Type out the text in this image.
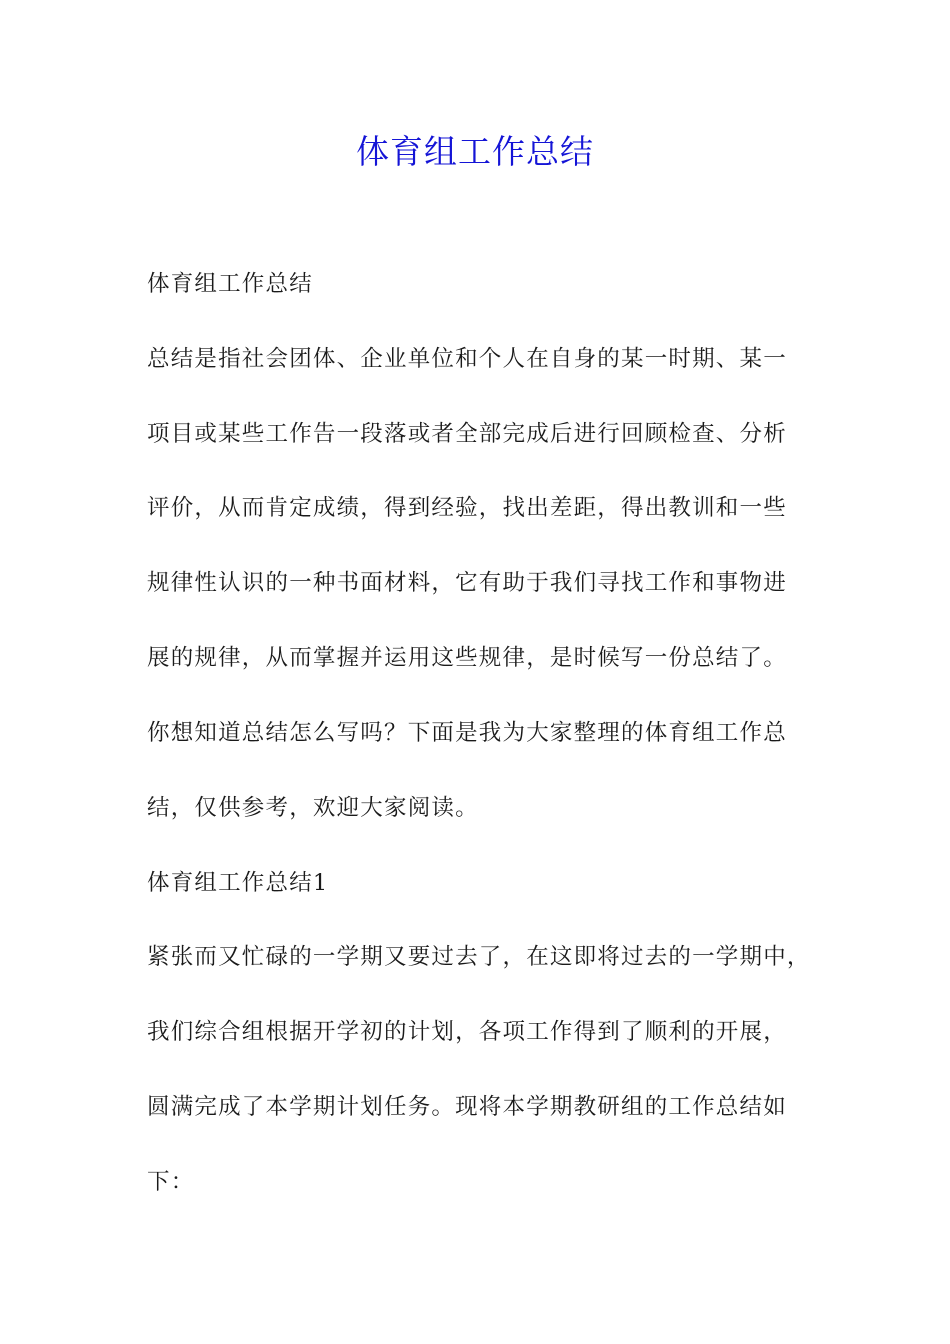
体育组工作总结

体育组工作总结

总结是指社会团体、企业单位和个人在自身的某一时期、某一

项目或某些工作告一段落或者全部完成后进行回顾检查、分析

评价，从而肯定成绩，得到经验，找出差距，得出教训和一些

规律性认识的一种书面材料，它有助于我们寻找工作和事物进

展的规律，从而掌握并运用这些规律，是时候写一份总结了。

你想知道总结怎么写吗？下面是我为大家整理的体育组工作总

结，仅供参考，欢迎大家阅读。

体育组工作总结1

紧张而又忙碌的一学期又要过去了，在这即将过去的一学期中，

我们综合组根据开学初的计划，各项工作得到了顺利的开展，

圆满完成了本学期计划任务。现将本学期教研组的工作总结如

下：
